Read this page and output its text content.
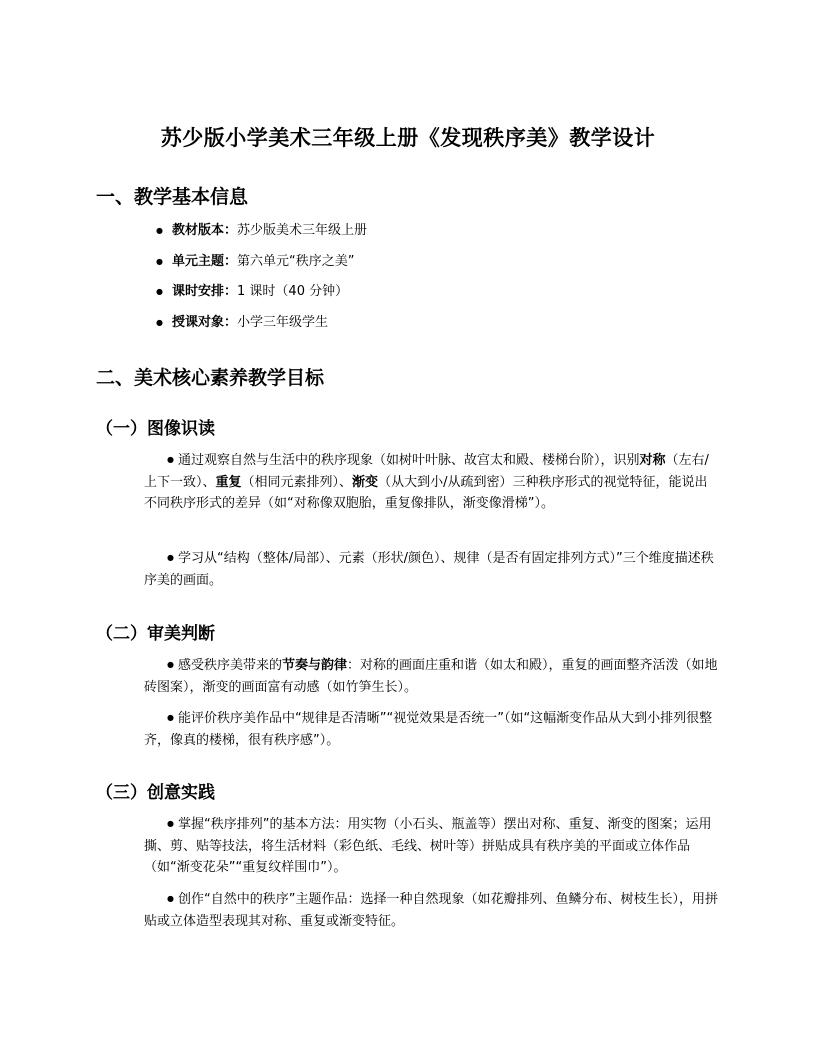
苏少版小学美术三年级上册《发现秩序美》教学设计
一、教学基本信息
● 教材版本：苏少版美术三年级上册
● 单元主题：第六单元“秩序之美”
● 课时安排：1 课时（40 分钟）
● 授课对象：小学三年级学生
二、美术核心素养教学目标
（一）图像识读

● 通过观察自然与生活中的秩序现象（如树叶叶脉、故宫太和殿、楼梯台阶），识别对称（左右/上下一致）、重复（相同元素排列）、渐变（从大到小/从疏到密）三种秩序形式的视觉特征，能说出不同秩序形式的差异（如“对称像双胞胎，重复像排队，渐变像滑梯”）。

● 学习从“结构（整体/局部）、元素（形状/颜色）、规律（是否有固定排列方式）”三个维度描述秩序美的画面。

（二）审美判断

● 感受秩序美带来的节奏与韵律：对称的画面庄重和谐（如太和殿），重复的画面整齐活泼（如地砖图案），渐变的画面富有动感（如竹笋生长）。

● 能评价秩序美作品中“规律是否清晰”“视觉效果是否统一”（如“这幅渐变作品从大到小排列很整齐，像真的楼梯，很有秩序感”）。

（三）创意实践

● 掌握“秩序排列”的基本方法：用实物（小石头、瓶盖等）摆出对称、重复、渐变的图案；运用撕、剪、贴等技法，将生活材料（彩色纸、毛线、树叶等）拼贴成具有秩序美的平面或立体作品（如“渐变花朵”“重复纹样围巾”）。

● 创作“自然中的秩序”主题作品：选择一种自然现象（如花瓣排列、鱼鳞分布、树枝生长），用拼贴或立体造型表现其对称、重复或渐变特征。
